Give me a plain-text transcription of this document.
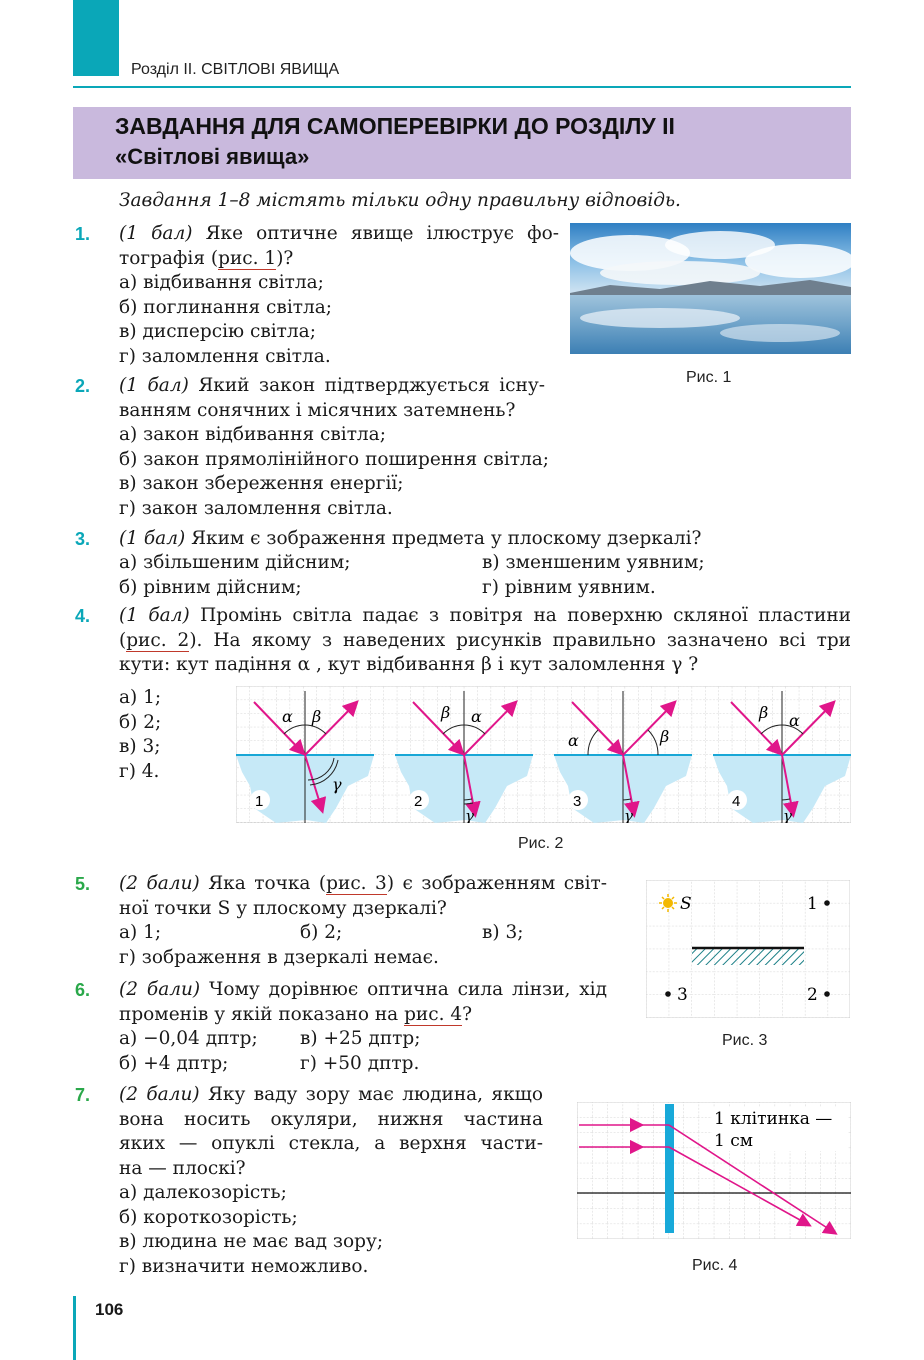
Розділ ІІ. СВІТЛОВІ ЯВИЩА
ЗАВДАННЯ ДЛЯ САМОПЕРЕВІРКИ ДО РОЗДІЛУ ІІ
«Світлові явища»
Завдання 1–8 містять тільки одну правильну відповідь.
1. (1 бал) Яке оптичне явище ілюструє фо-
тографія (рис. 1)?
а) відбивання світла;
б) поглинання світла;
в) дисперсію світла;
г) заломлення світла.
Рис. 1
2. (1 бал) Який закон підтверджується існу-
ванням сонячних і місячних затемнень?
а) закон відбивання світла;
б) закон прямолінійного поширення світла;
в) закон збереження енергії;
г) закон заломлення світла.
3. (1 бал) Яким є зображення предмета у плоскому дзеркалі?
а) збільшеним дійсним;
б) рівним дійсним;
в) зменшеним уявним;
г) рівним уявним.
4. (1 бал) Промінь світла падає з повітря на поверхню скляної пластини
(рис. 2). На якому з наведених рисунків правильно зазначено всі три
кути: кут падіння α , кут відбивання β і кут заломлення γ ?
а) 1;
б) 2;
в) 3;
г) 4.
α β
γ
1
β α
γ
2
α	β
γ
3
β α
γ
4
Рис. 2
5. (2 бали) Яка точка (рис. 3) є зображенням світ-
ної точки S у плоскому дзеркалі?
а) 1;	б) 2;	в) 3;
г) зображення в дзеркалі немає.
S	1
2
3
Рис. 3
6. (2 бали) Чому дорівнює оптична сила лінзи, хід
променів у якій показано на рис. 4?
а) −0,04 дптр;
б) +4 дптр;
в) +25 дптр;
г) +50 дптр.
7. (2 бали) Яку ваду зору має людина, якщо
вона носить окуляри, нижня частина
яких — опуклі стекла, а верхня части-
на — плоскі?
а) далекозорість;
б) короткозорість;
в) людина не має вад зору;
г) визначити неможливо.
1 клітинка —
1 см
Рис. 4
106
